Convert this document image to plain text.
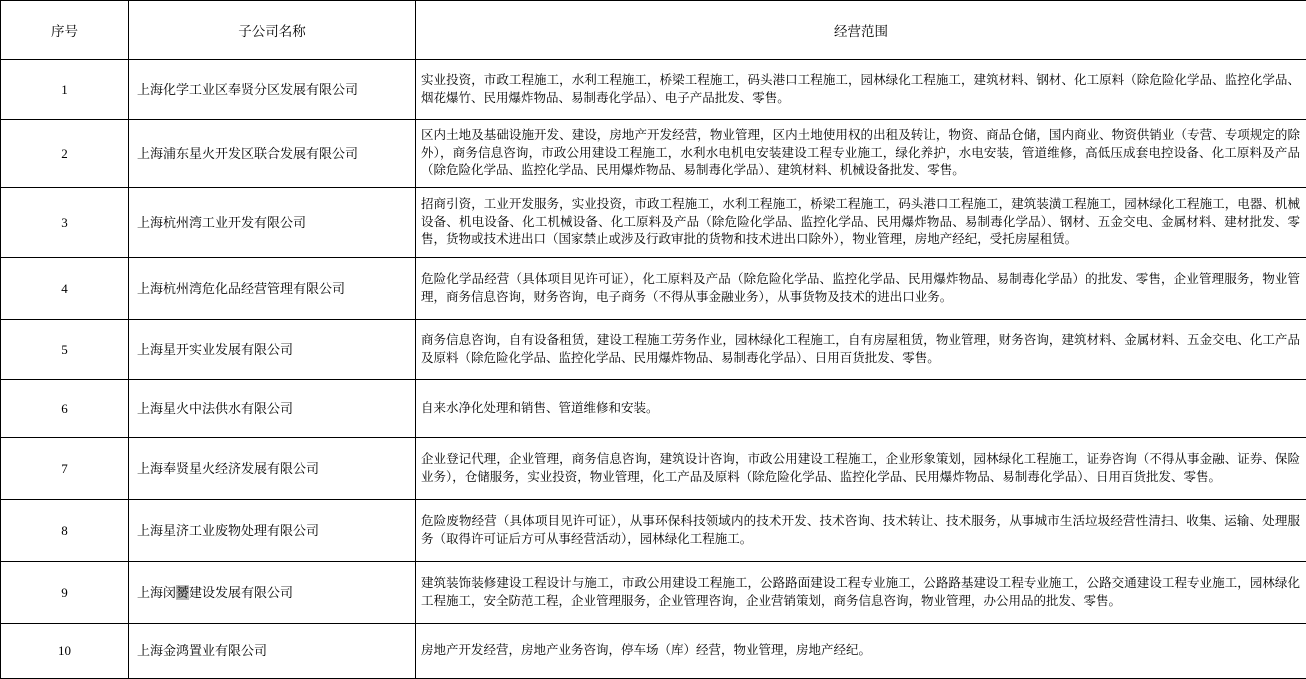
序号	子公司名称	经营范围
1	上海化学工业区奉贤分区发展有限公司	实业投资，市政工程施工，水利工程施工，桥梁工程施工，码头港口工程施工，园林绿化工程施工，建筑材料、钢材、化工原料（除危险化学品、监控化学品、烟花爆竹、民用爆炸物品、易制毒化学品）、电子产品批发、零售。
2	上海浦东星火开发区联合发展有限公司	区内土地及基础设施开发、建设，房地产开发经营，物业管理，区内土地使用权的出租及转让，物资、商品仓储，国内商业、物资供销业（专营、专项规定的除外），商务信息咨询，市政公用建设工程施工，水利水电机电安装建设工程专业施工，绿化养护，水电安装，管道维修，高低压成套电控设备、化工原料及产品（除危险化学品、监控化学品、民用爆炸物品、易制毒化学品）、建筑材料、机械设备批发、零售。
3	上海杭州湾工业开发有限公司	招商引资，工业开发服务，实业投资，市政工程施工，水利工程施工，桥梁工程施工，码头港口工程施工，建筑装潢工程施工，园林绿化工程施工，电器、机械设备、机电设备、化工机械设备、化工原料及产品（除危险化学品、监控化学品、民用爆炸物品、易制毒化学品）、钢材、五金交电、金属材料、建材批发、零售，货物或技术进出口（国家禁止或涉及行政审批的货物和技术进出口除外），物业管理，房地产经纪，受托房屋租赁。
4	上海杭州湾危化品经营管理有限公司	危险化学品经营（具体项目见许可证），化工原料及产品（除危险化学品、监控化学品、民用爆炸物品、易制毒化学品）的批发、零售，企业管理服务，物业管理，商务信息咨询，财务咨询，电子商务（不得从事金融业务），从事货物及技术的进出口业务。
5	上海星开实业发展有限公司	商务信息咨询，自有设备租赁，建设工程施工劳务作业，园林绿化工程施工，自有房屋租赁，物业管理，财务咨询，建筑材料、金属材料、五金交电、化工产品及原料（除危险化学品、监控化学品、民用爆炸物品、易制毒化学品）、日用百货批发、零售。
6	上海星火中法供水有限公司	自来水净化处理和销售、管道维修和安装。
7	上海奉贤星火经济发展有限公司	企业登记代理，企业管理，商务信息咨询，建筑设计咨询，市政公用建设工程施工，企业形象策划，园林绿化工程施工，证券咨询（不得从事金融、证券、保险业务），仓储服务，实业投资，物业管理，化工产品及原料（除危险化学品、监控化学品、民用爆炸物品、易制毒化学品）、日用百货批发、零售。
8	上海星济工业废物处理有限公司	危险废物经营（具体项目见许可证），从事环保科技领域内的技术开发、技术咨询、技术转让、技术服务，从事城市生活垃圾经营性清扫、收集、运输、处理服务（取得许可证后方可从事经营活动），园林绿化工程施工。
9	上海闵赟建设发展有限公司	建筑装饰装修建设工程设计与施工，市政公用建设工程施工，公路路面建设工程专业施工，公路路基建设工程专业施工，公路交通建设工程专业施工，园林绿化工程施工，安全防范工程，企业管理服务，企业管理咨询，企业营销策划，商务信息咨询，物业管理，办公用品的批发、零售。
10	上海金鸿置业有限公司	房地产开发经营，房地产业务咨询，停车场（库）经营，物业管理，房地产经纪。
